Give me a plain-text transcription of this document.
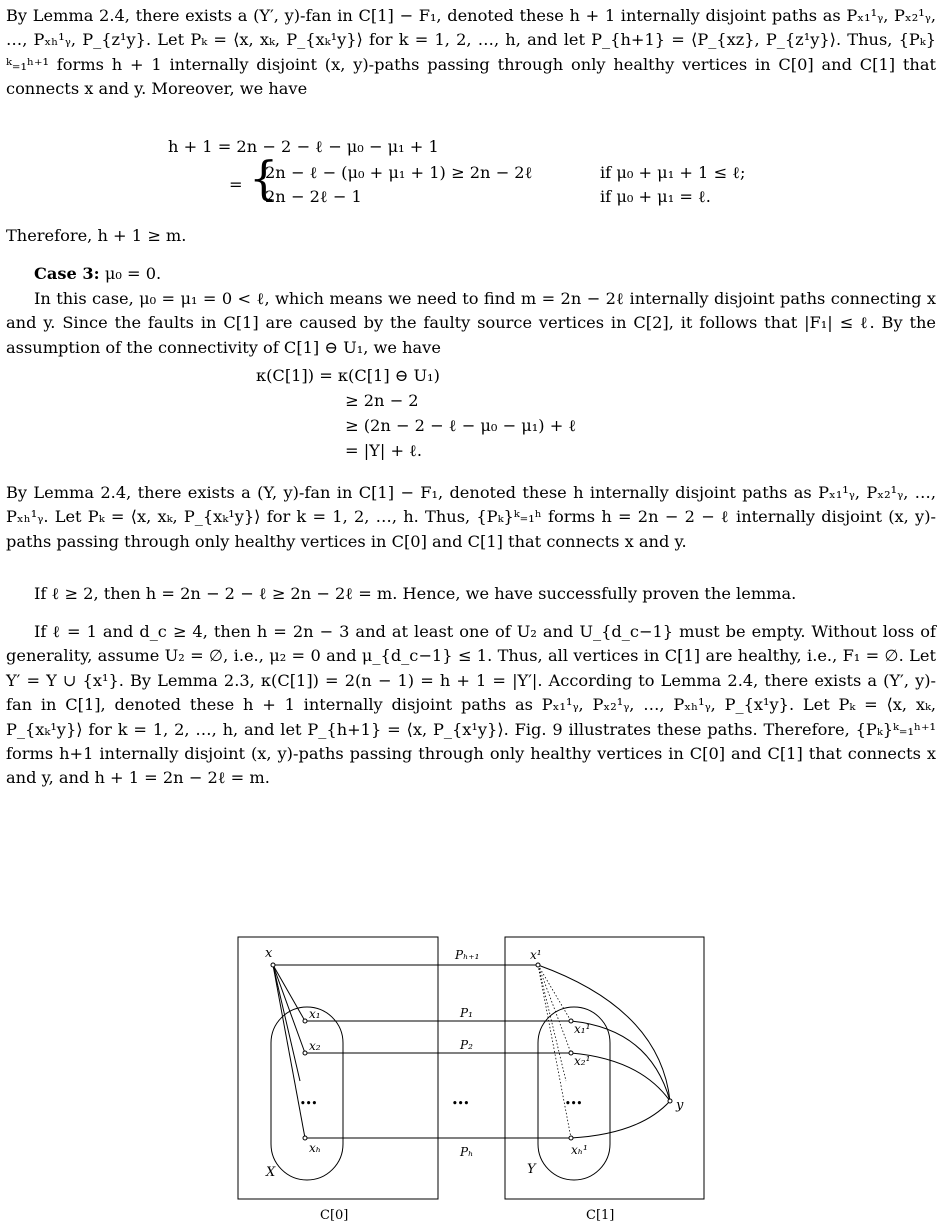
By Lemma 2.4, there exists a (Y′, y)-fan in C[1] − F₁, denoted these h + 1 internally disjoint paths as Pₓ₁¹ᵧ, Pₓ₂¹ᵧ, …, Pₓₕ¹ᵧ, P_{z¹y}. Let Pₖ = ⟨x, xₖ, P_{xₖ¹y}⟩ for k = 1, 2, …, h, and let P_{h+1} = ⟨P_{xz}, P_{z¹y}⟩. Thus, {Pₖ}ᵏ₌₁ʰ⁺¹ forms h + 1 internally disjoint (x, y)-paths passing through only healthy vertices in C[0] and C[1] that connects x and y. Moreover, we have
h + 1 = 2n − 2 − ℓ − μ₀ − μ₁ + 1
= {
2n − ℓ − (μ₀ + μ₁ + 1) ≥ 2n − 2ℓ	if μ₀ + μ₁ + 1 ≤ ℓ;
2n − 2ℓ − 1	if μ₀ + μ₁ = ℓ.
Therefore, h + 1 ≥ m.
Case 3: μ₀ = 0.
In this case, μ₀ = μ₁ = 0 < ℓ, which means we need to find m = 2n − 2ℓ internally disjoint paths connecting x and y. Since the faults in C[1] are caused by the faulty source vertices in C[2], it follows that |F₁| ≤ ℓ. By the assumption of the connectivity of C[1] ⊖ U₁, we have
κ(C[1]) = κ(C[1] ⊖ U₁)
≥ 2n − 2
≥ (2n − 2 − ℓ − μ₀ − μ₁) + ℓ
= |Y| + ℓ.
By Lemma 2.4, there exists a (Y, y)-fan in C[1] − F₁, denoted these h internally disjoint paths as Pₓ₁¹ᵧ, Pₓ₂¹ᵧ, …, Pₓₕ¹ᵧ. Let Pₖ = ⟨x, xₖ, P_{xₖ¹y}⟩ for k = 1, 2, …, h. Thus, {Pₖ}ᵏ₌₁ʰ forms h = 2n − 2 − ℓ internally disjoint (x, y)-paths passing through only healthy vertices in C[0] and C[1] that connects x and y.
If ℓ ≥ 2, then h = 2n − 2 − ℓ ≥ 2n − 2ℓ = m. Hence, we have successfully proven the lemma.
If ℓ = 1 and d_c ≥ 4, then h = 2n − 3 and at least one of U₂ and U_{d_c−1} must be empty. Without loss of generality, assume U₂ = ∅, i.e., μ₂ = 0 and μ_{d_c−1} ≤ 1. Thus, all vertices in C[1] are healthy, i.e., F₁ = ∅. Let Y′ = Y ∪ {x¹}. By Lemma 2.3, κ(C[1]) = 2(n − 1) = h + 1 = |Y′|. According to Lemma 2.4, there exists a (Y′, y)-fan in C[1], denoted these h + 1 internally disjoint paths as Pₓ₁¹ᵧ, Pₓ₂¹ᵧ, …, Pₓₕ¹ᵧ, P_{x¹y}. Let Pₖ = ⟨x, xₖ, P_{xₖ¹y}⟩ for k = 1, 2, …, h, and let P_{h+1} = ⟨x, P_{x¹y}⟩. Fig. 9 illustrates these paths. Therefore, {Pₖ}ᵏ₌₁ʰ⁺¹ forms h+1 internally disjoint (x, y)-paths passing through only healthy vertices in C[0] and C[1] that connects x and y, and h + 1 = 2n − 2ℓ = m.
x
x₁
x₂
•••
xₕ
X
x¹
x₁¹
x₂¹
•••
xₕ¹
Y
y
Pₕ₊₁
P₁
P₂
•••
Pₕ
C[0]	C[1]
